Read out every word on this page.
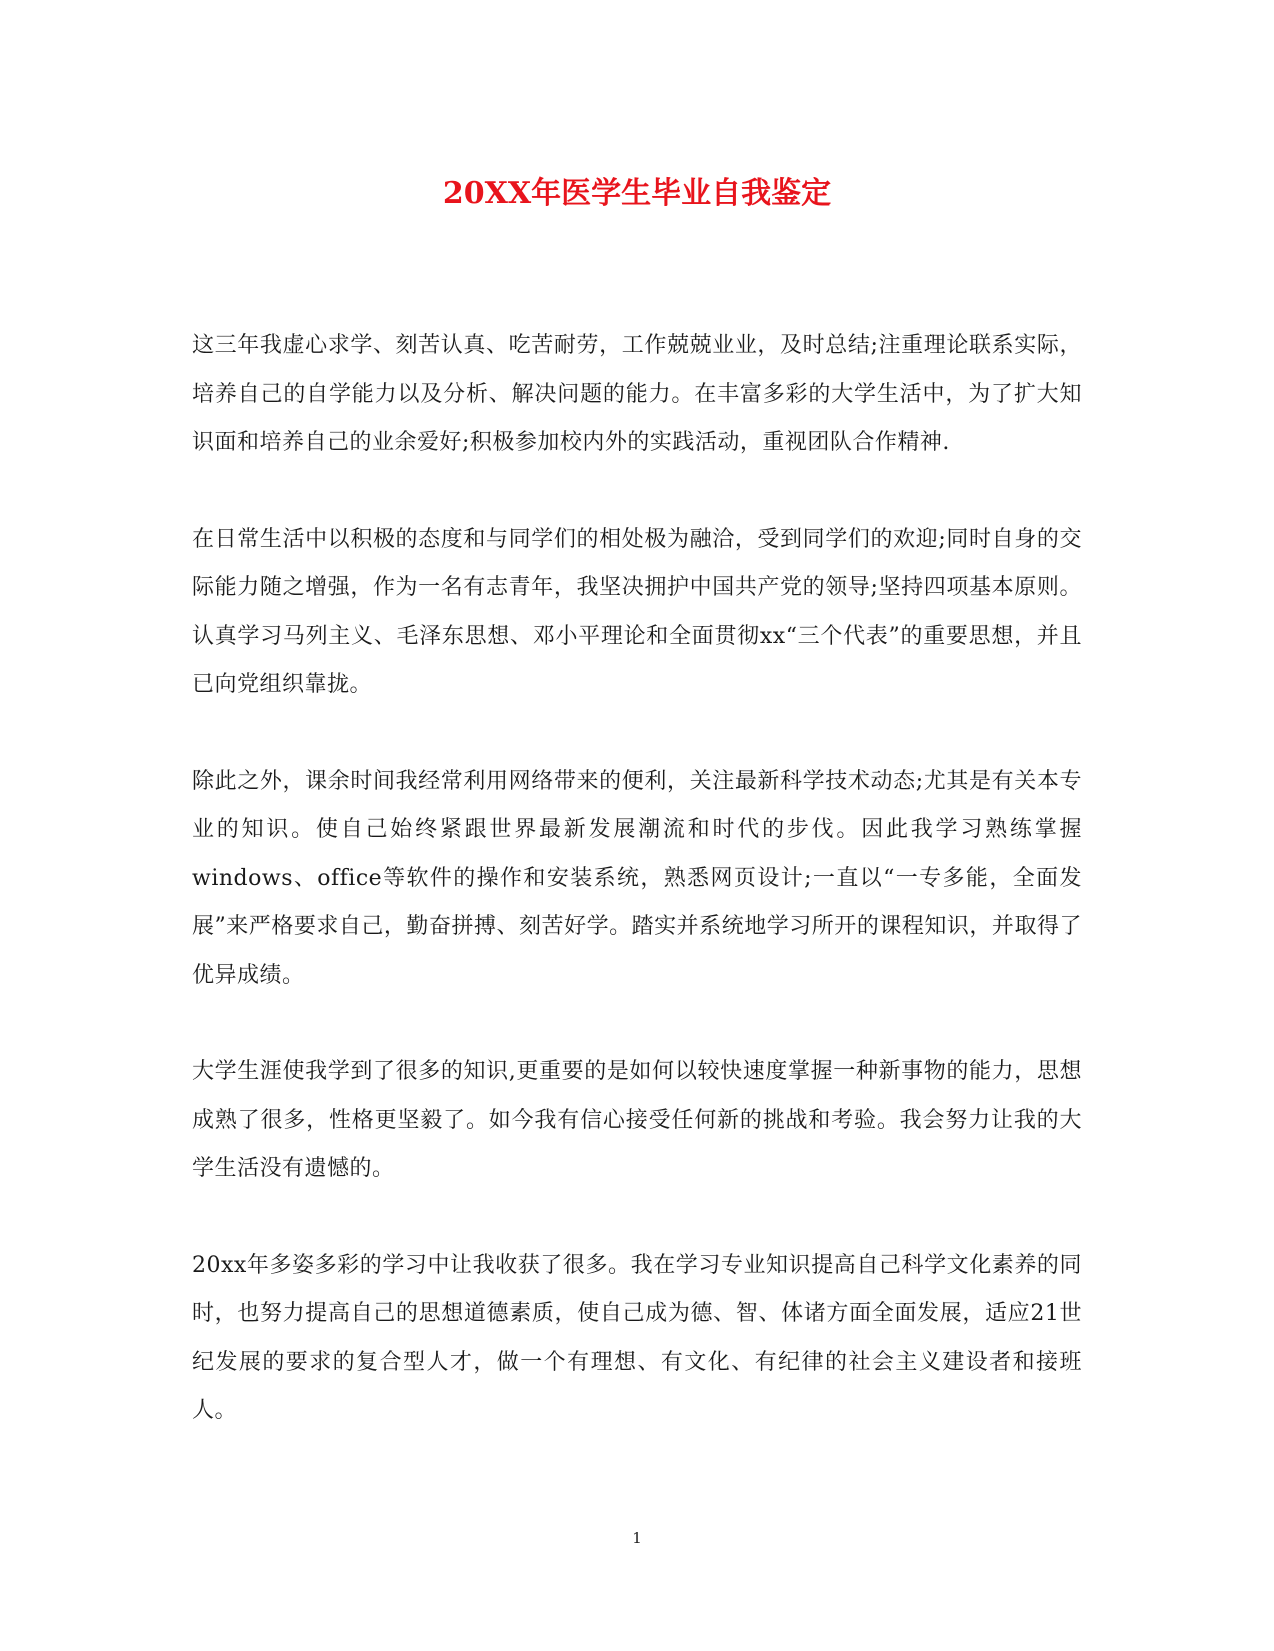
20XX年医学生毕业自我鉴定

这三年我虚心求学、刻苦认真、吃苦耐劳，工作兢兢业业，及时总结;注重理论联系实际，培养自己的自学能力以及分析、解决问题的能力。在丰富多彩的大学生活中，为了扩大知识面和培养自己的业余爱好;积极参加校内外的实践活动，重视团队合作精神.

在日常生活中以积极的态度和与同学们的相处极为融洽，受到同学们的欢迎;同时自身的交际能力随之增强，作为一名有志青年，我坚决拥护中国共产党的领导;坚持四项基本原则。认真学习马列主义、毛泽东思想、邓小平理论和全面贯彻xx“三个代表”的重要思想，并且已向党组织靠拢。

除此之外，课余时间我经常利用网络带来的便利，关注最新科学技术动态;尤其是有关本专业的知识。使自己始终紧跟世界最新发展潮流和时代的步伐。因此我学习熟练掌握windows、office等软件的操作和安装系统，熟悉网页设计;一直以“一专多能，全面发展”来严格要求自己，勤奋拼搏、刻苦好学。踏实并系统地学习所开的课程知识，并取得了优异成绩。

大学生涯使我学到了很多的知识,更重要的是如何以较快速度掌握一种新事物的能力，思想成熟了很多，性格更坚毅了。如今我有信心接受任何新的挑战和考验。我会努力让我的大学生活没有遗憾的。

20xx年多姿多彩的学习中让我收获了很多。我在学习专业知识提高自己科学文化素养的同时，也努力提高自己的思想道德素质，使自己成为德、智、体诸方面全面发展，适应21世纪发展的要求的复合型人才，做一个有理想、有文化、有纪律的社会主义建设者和接班人。

1
